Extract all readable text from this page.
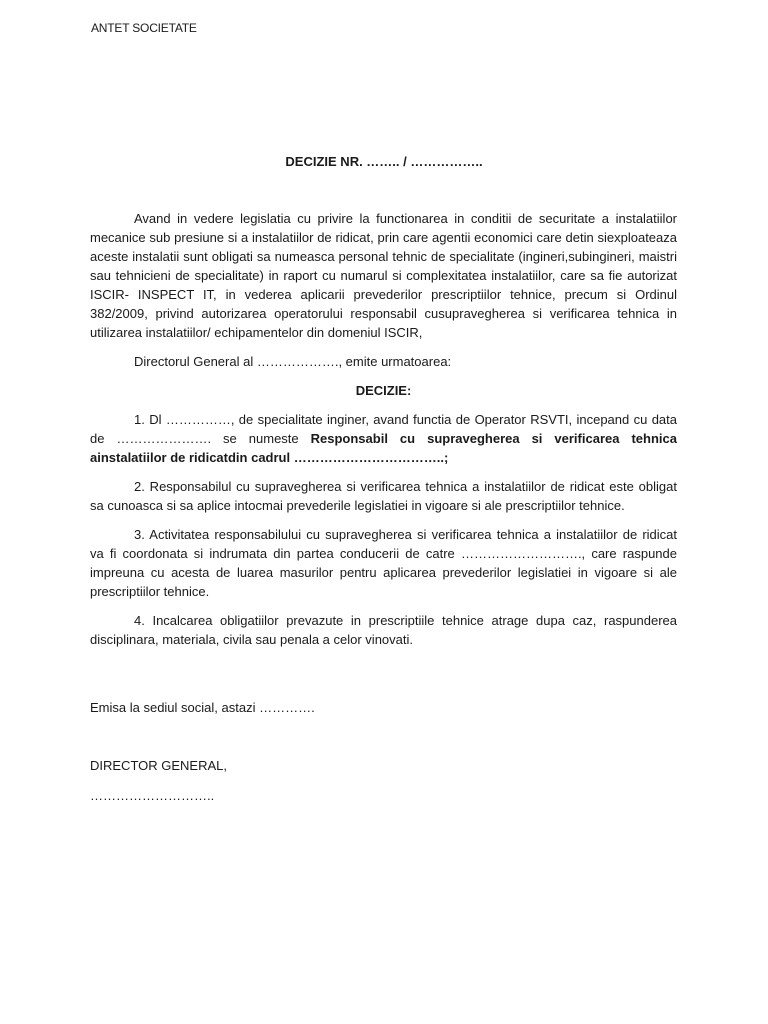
ANTET SOCIETATE
DECIZIE NR. …….. / ……………..

Avand in vedere legislatia cu privire la functionarea in conditii de securitate a instalatiilor mecanice sub presiune si a instalatiilor de ridicat, prin care agentii economici care detin siexploateaza aceste instalatii sunt obligati sa numeasca personal tehnic de specialitate (ingineri,subingineri, maistri sau tehnicieni de specialitate) in raport cu numarul si complexitatea instalatiilor, care sa fie autorizat ISCIR- INSPECT IT, in vederea aplicarii prevederilor prescriptiilor tehnice, precum si Ordinul 382/2009, privind autorizarea operatorului responsabil cusupravegherea si verificarea tehnica in utilizarea instalatiilor/ echipamentelor din domeniul ISCIR,

Directorul General al ………………., emite urmatoarea:

DECIZIE:

1. Dl ……………, de specialitate inginer, avand functia de Operator RSVTI, incepand cu data de …………………. se numeste Responsabil cu supravegherea si verificarea tehnica ainstalatiilor de ridicatdin cadrul ……………………………..;

2. Responsabilul cu supravegherea si verificarea tehnica a instalatiilor de ridicat este obligat sa cunoasca si sa aplice intocmai prevederile legislatiei in vigoare si ale prescriptiilor tehnice.

3. Activitatea responsabilului cu supravegherea si verificarea tehnica a instalatiilor de ridicat va fi coordonata si indrumata din partea conducerii de catre ………………………., care raspunde impreuna cu acesta de luarea masurilor pentru aplicarea prevederilor legislatiei in vigoare si ale prescriptiilor tehnice.

4. Incalcarea obligatiilor prevazute in prescriptiile tehnice atrage dupa caz, raspunderea disciplinara, materiala, civila sau penala a celor vinovati.

Emisa la sediul social, astazi ………….
DIRECTOR GENERAL,
………………………..
